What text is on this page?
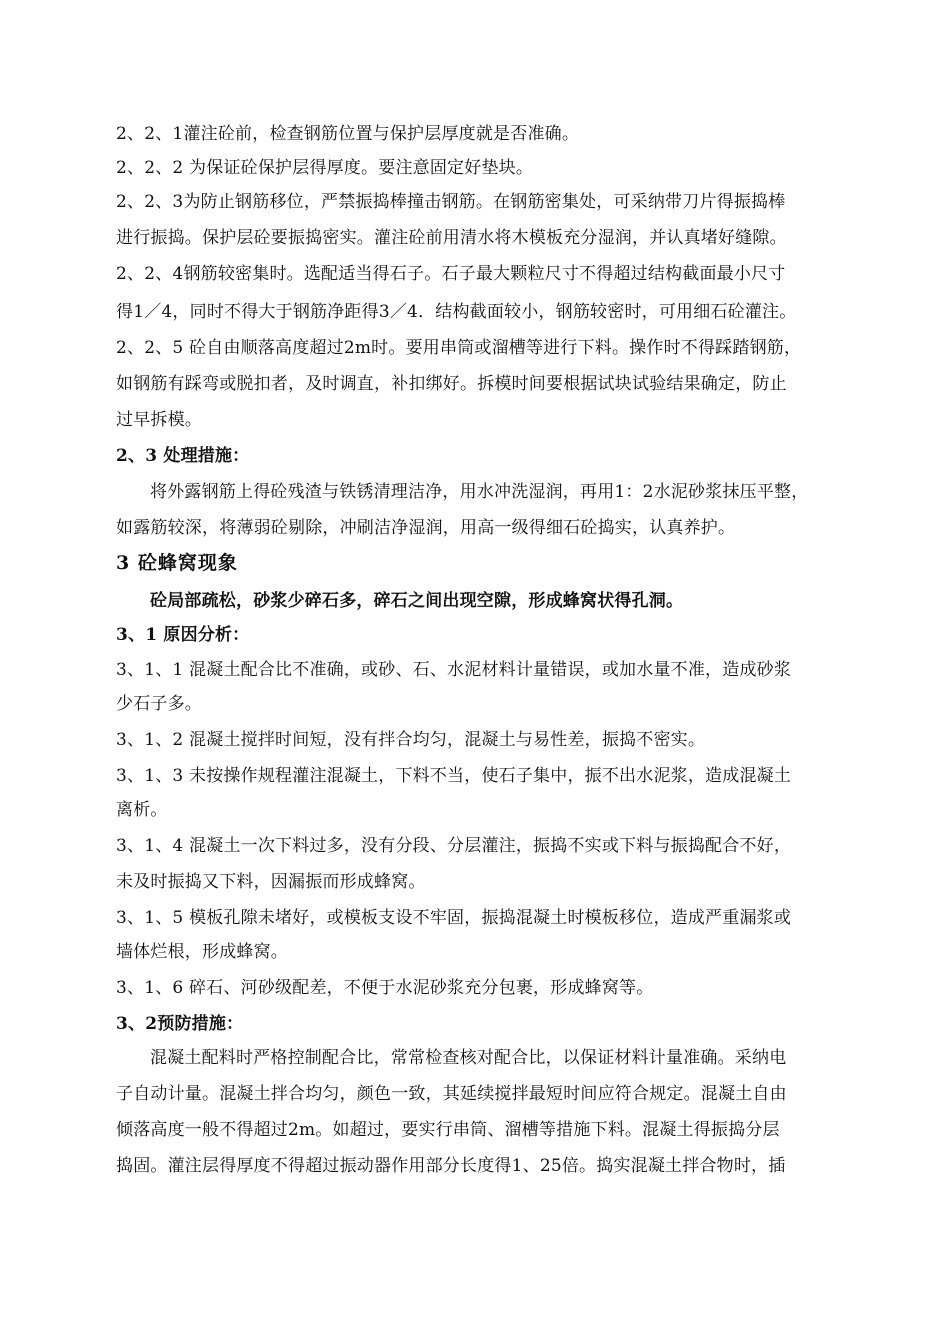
2、2、1灌注砼前，检查钢筋位置与保护层厚度就是否准确。
2、2、2 为保证砼保护层得厚度。要注意固定好垫块。
2、2、3为防止钢筋移位，严禁振捣棒撞击钢筋。在钢筋密集处，可采纳带刀片得振捣棒
进行振捣。保护层砼要振捣密实。灌注砼前用清水将木模板充分湿润，并认真堵好缝隙。
2、2、4钢筋较密集时。选配适当得石子。石子最大颗粒尺寸不得超过结构截面最小尺寸
得1／4，同时不得大于钢筋净距得3／4．结构截面较小，钢筋较密时，可用细石砼灌注。
2、2、5 砼自由顺落高度超过2m时。要用串筒或溜槽等进行下料。操作时不得踩踏钢筋，
如钢筋有踩弯或脱扣者，及时调直，补扣绑好。拆模时间要根据试块试验结果确定，防止
过早拆模。
2、3 处理措施：
将外露钢筋上得砼残渣与铁锈清理洁净，用水冲洗湿润，再用1：2水泥砂浆抹压平整，
如露筋较深，将薄弱砼剔除，冲刷洁净湿润，用高一级得细石砼捣实，认真养护。
3 砼蜂窝现象
砼局部疏松，砂浆少碎石多，碎石之间出现空隙，形成蜂窝状得孔洞。
3、1 原因分析：
3、1、1 混凝土配合比不准确，或砂、石、水泥材料计量错误，或加水量不准，造成砂浆
少石子多。
3、1、2 混凝土搅拌时间短，没有拌合均匀，混凝土与易性差，振捣不密实。
3、1、3 未按操作规程灌注混凝土，下料不当，使石子集中，振不出水泥浆，造成混凝土
离析。
3、1、4 混凝土一次下料过多，没有分段、分层灌注，振捣不实或下料与振捣配合不好，
未及时振捣又下料，因漏振而形成蜂窝。
3、1、5 模板孔隙未堵好，或模板支设不牢固，振捣混凝土时模板移位，造成严重漏浆或
墙体烂根，形成蜂窝。
3、1、6 碎石、河砂级配差，不便于水泥砂浆充分包裹，形成蜂窝等。
3、2预防措施：
混凝土配料时严格控制配合比，常常检查核对配合比，以保证材料计量准确。采纳电
子自动计量。混凝土拌合均匀，颜色一致，其延续搅拌最短时间应符合规定。混凝土自由
倾落高度一般不得超过2m。如超过，要实行串筒、溜槽等措施下料。混凝土得振捣分层
捣固。灌注层得厚度不得超过振动器作用部分长度得1、25倍。捣实混凝土拌合物时，插
